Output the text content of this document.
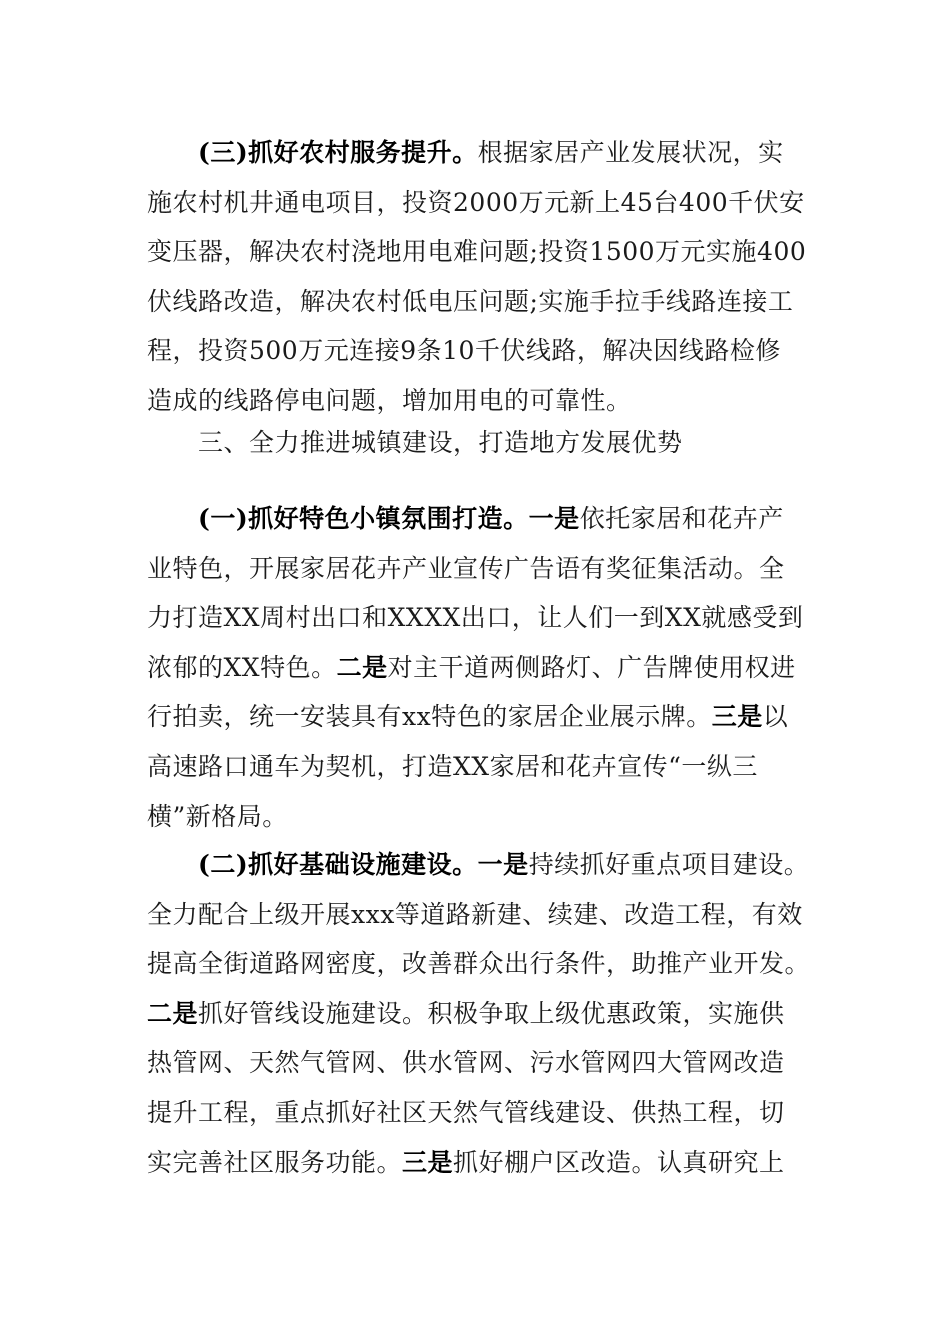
(三)抓好农村服务提升。根据家居产业发展状况，实
施农村机井通电项目，投资2000万元新上45台400千伏安
变压器，解决农村浇地用电难问题;投资1500万元实施400
伏线路改造，解决农村低电压问题;实施手拉手线路连接工
程，投资500万元连接9条10千伏线路，解决因线路检修
造成的线路停电问题，增加用电的可靠性。
三、全力推进城镇建设，打造地方发展优势
(一)抓好特色小镇氛围打造。一是依托家居和花卉产
业特色，开展家居花卉产业宣传广告语有奖征集活动。全
力打造XX周村出口和XXXX出口，让人们一到XX就感受到
浓郁的XX特色。二是对主干道两侧路灯、广告牌使用权进
行拍卖，统一安装具有xx特色的家居企业展示牌。三是以
高速路口通车为契机，打造XX家居和花卉宣传“一纵三
横”新格局。
(二)抓好基础设施建设。一是持续抓好重点项目建设。
全力配合上级开展xxx等道路新建、续建、改造工程，有效
提高全街道路网密度，改善群众出行条件，助推产业开发。
二是抓好管线设施建设。积极争取上级优惠政策，实施供
热管网、天然气管网、供水管网、污水管网四大管网改造
提升工程，重点抓好社区天然气管线建设、供热工程，切
实完善社区服务功能。三是抓好棚户区改造。认真研究上
